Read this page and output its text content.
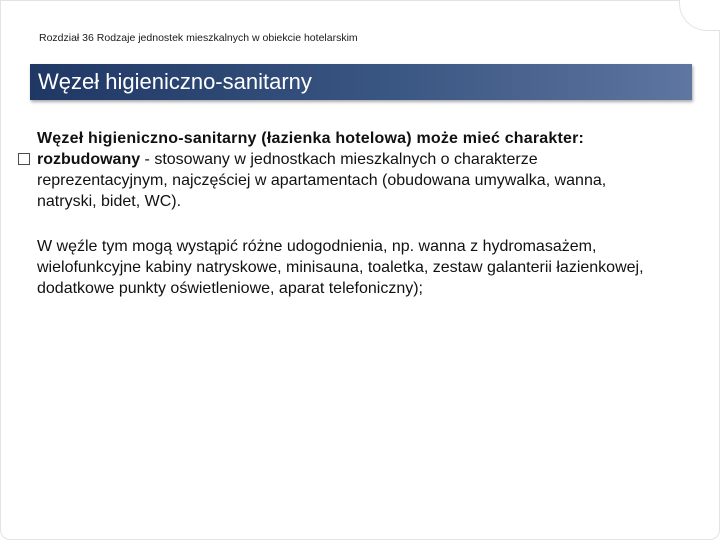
Rozdział 36 Rodzaje jednostek mieszkalnych w obiekcie hotelarskim
Węzeł higieniczno-sanitarny
Węzeł higieniczno-sanitarny (łazienka hotelowa) może mieć charakter:
rozbudowany - stosowany w jednostkach mieszkalnych o charakterze reprezentacyjnym, najczęściej w apartamentach (obudowana umywalka, wanna, natryski, bidet, WC).
W węźle tym mogą wystąpić różne udogodnienia, np. wanna z hydromasażem, wielofunkcyjne kabiny natryskowe, minisauna, toaletka, zestaw galanterii łazienkowej, dodatkowe punkty oświetleniowe, aparat telefoniczny);
